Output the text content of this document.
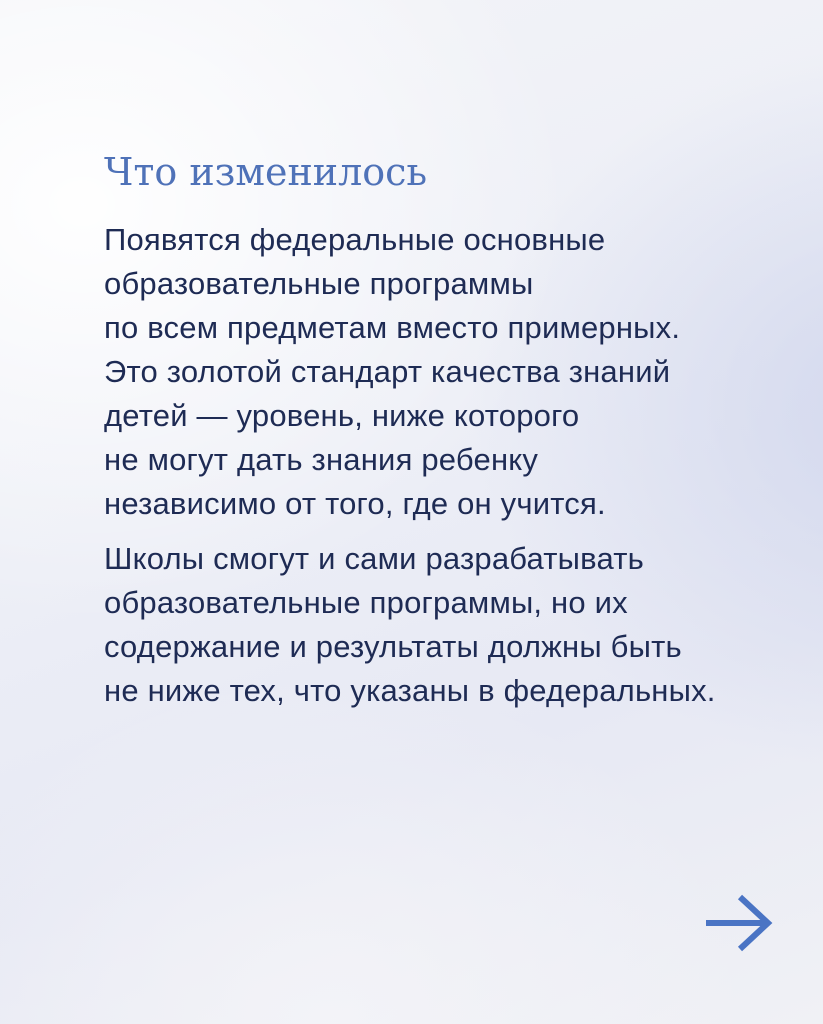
Что изменилось

Появятся федеральные основные
образовательные программы
по всем предметам вместо примерных.
Это золотой стандарт качества знаний
детей — уровень, ниже которого
не могут дать знания ребенку
независимо от того, где он учится.

Школы смогут и сами разрабатывать
образовательные программы, но их
содержание и результаты должны быть
не ниже тех, что указаны в федеральных.
